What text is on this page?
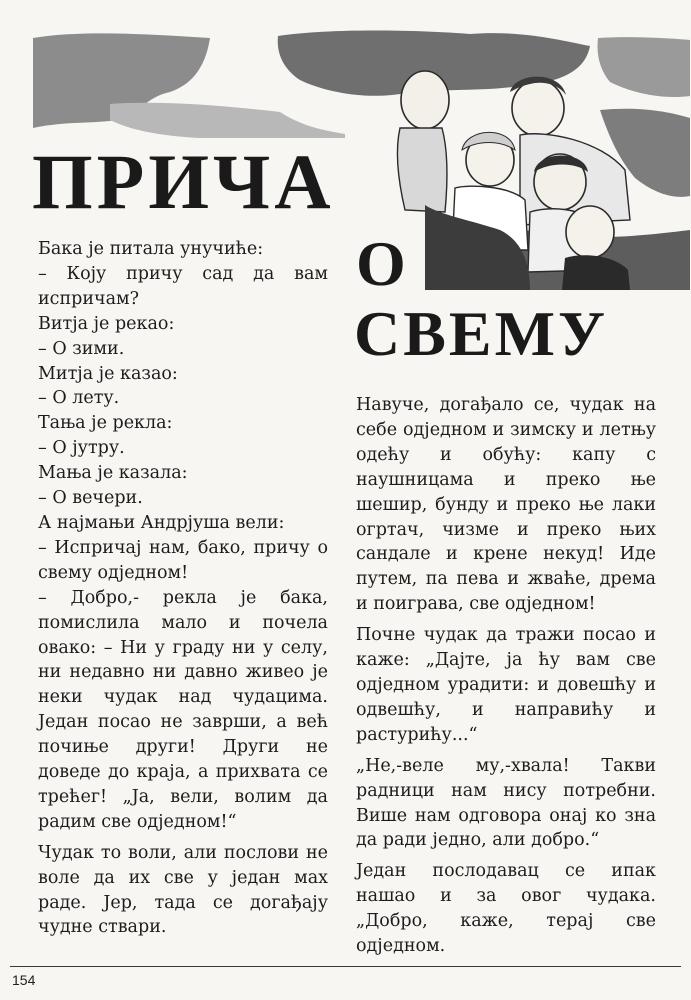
ПРИЧА
О
СВЕМУ

Бака је питала унучиће:

– Коју причу сад да вам испричам?

Витја је рекао:

– О зими.

Митја је казао:

– О лету.

Тања је рекла:

– О јутру.

Мања је казала:

– О вечери.

А најмањи Андрјуша вели:

– Испричај нам, бако, причу о свему одједном!

– Добро,- рекла је бака, помислила мало и почела овако: – Ни у граду ни у селу, ни недавно ни давно живео је неки чудак над чудацима. Један посао не заврши, а већ почиње други! Други не доведе до краја, а прихвата се трећег! „Ја, вели, волим да радим све одједном!“

Чудак то воли, али послови не воле да их све у један мах раде. Јер, тада се догађају чудне ствари.

Навуче, догађало се, чудак на себе одједном и зимску и летњу одећу и обућу: капу с наушницама и преко ње шешир, бунду и преко ње лаки огртач, чизме и преко њих сандале и крене некуд! Иде путем, па пева и жваће, дрема и поиграва, све одједном!

Почне чудак да тражи посао и каже: „Дајте, ја ћу вам све одједном урадити: и довешћу и одвешћу, и направићу и растурићу...“

„Не,-веле му,-хвала! Такви радници нам нису потребни. Више нам одговора онај ко зна да ради једно, али добро.“

Један послодавац се ипак нашао и за овог чудака. „Добро, каже, терај све одједном.

154
